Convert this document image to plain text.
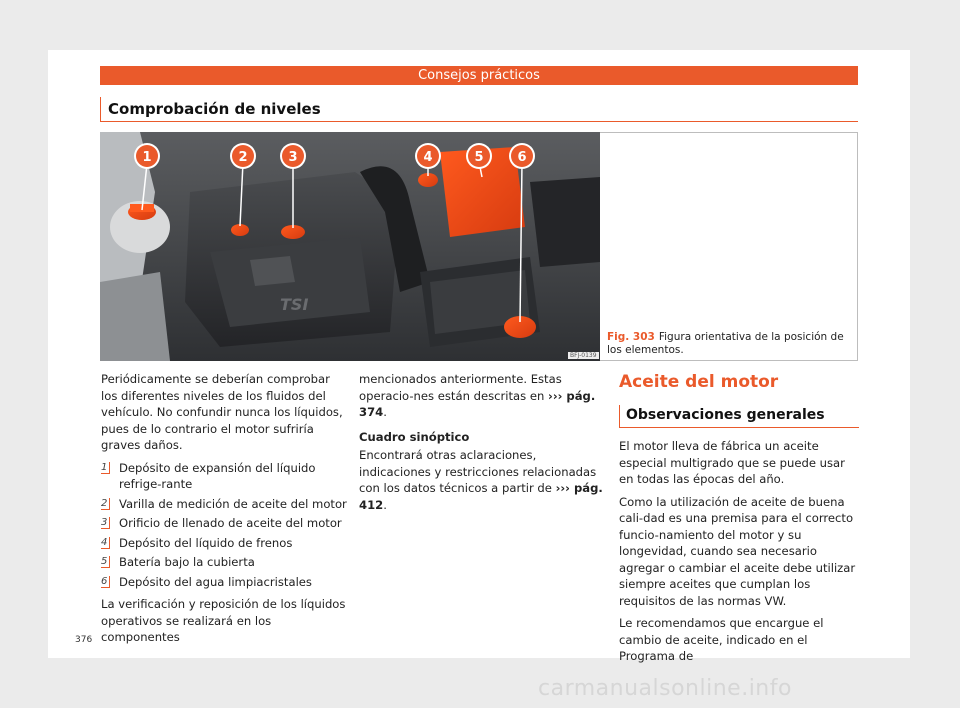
Consejos prácticos
Comprobación de niveles
TSI
1	2	3	4	5	6
BFJ-0139
Fig. 303 Figura orientativa de la posición de los elementos.

Periódicamente se deberían comprobar los diferentes niveles de los fluidos del vehículo. No confundir nunca los líquidos, pues de lo contrario el motor sufriría graves daños.

1 Depósito de expansión del líquido refrige-rante
2 Varilla de medición de aceite del motor
3 Orificio de llenado de aceite del motor
4 Depósito del líquido de frenos
5 Batería bajo la cubierta
6 Depósito del agua limpiacristales

La verificación y reposición de los líquidos operativos se realizará en los componentes

mencionados anteriormente. Estas operacio-nes están descritas en ››› pág. 374.

Cuadro sinóptico

Encontrará otras aclaraciones, indicaciones y restricciones relacionadas con los datos técnicos a partir de ››› pág. 412.

Aceite del motor
Observaciones generales

El motor lleva de fábrica un aceite especial multigrado que se puede usar en todas las épocas del año.

Como la utilización de aceite de buena cali-dad es una premisa para el correcto funcio-namiento del motor y su longevidad, cuando sea necesario agregar o cambiar el aceite debe utilizar siempre aceites que cumplan los requisitos de las normas VW.

Le recomendamos que encargue el cambio de aceite, indicado en el Programa de

376
carmanualsonline.info
